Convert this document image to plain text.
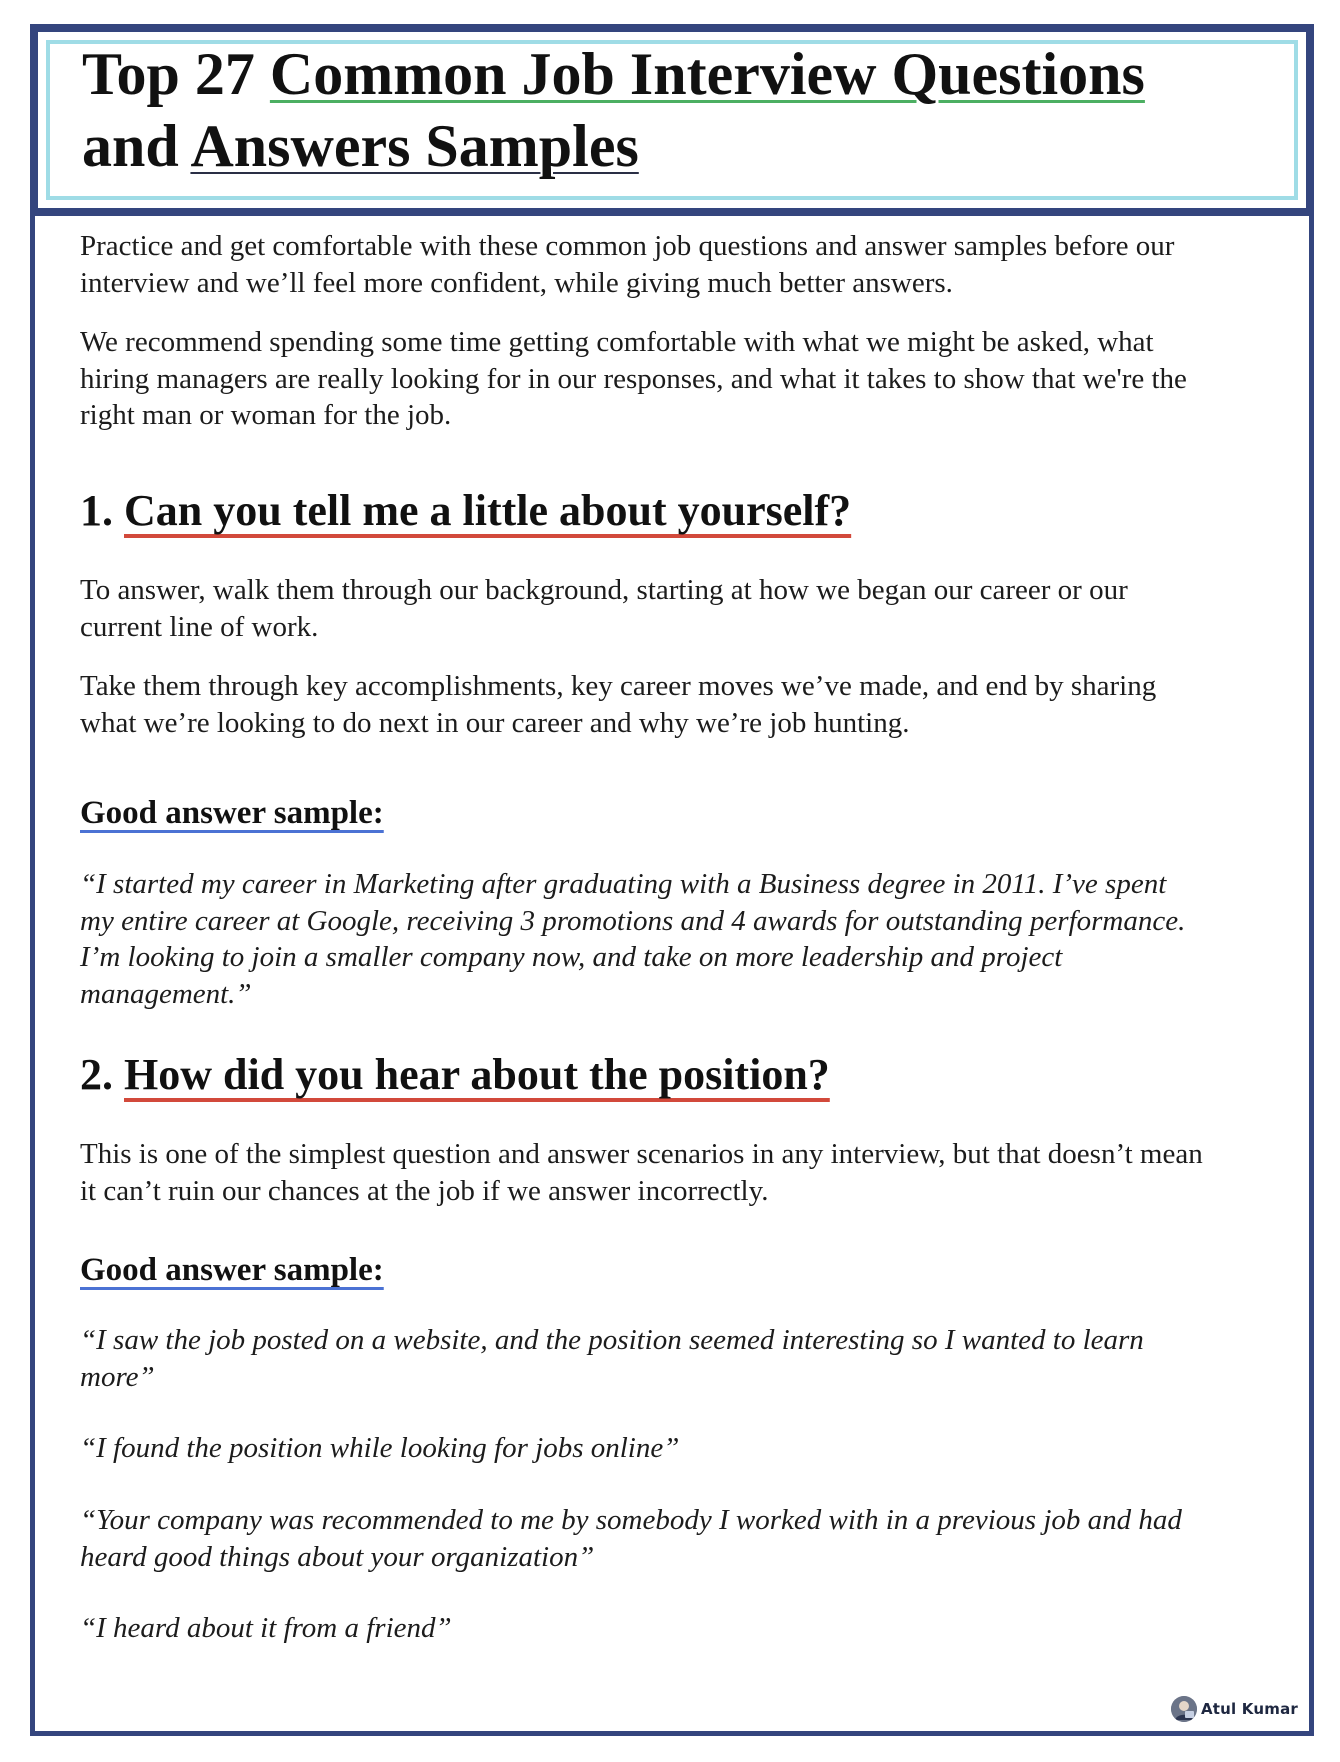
Top 27 Common Job Interview Questions
and Answers Samples

Practice and get comfortable with these common job questions and answer samples before our
interview and we’ll feel more confident, while giving much better answers.

We recommend spending some time getting comfortable with what we might be asked, what
hiring managers are really looking for in our responses, and what it takes to show that we're the
right man or woman for the job.

1. Can you tell me a little about yourself?

To answer, walk them through our background, starting at how we began our career or our
current line of work.

Take them through key accomplishments, key career moves we’ve made, and end by sharing
what we’re looking to do next in our career and why we’re job hunting.

Good answer sample:

“I started my career in Marketing after graduating with a Business degree in 2011. I’ve spent
my entire career at Google, receiving 3 promotions and 4 awards for outstanding performance.
I’m looking to join a smaller company now, and take on more leadership and project
management.”

2. How did you hear about the position?

This is one of the simplest question and answer scenarios in any interview, but that doesn’t mean
it can’t ruin our chances at the job if we answer incorrectly.

Good answer sample:

“I saw the job posted on a website, and the position seemed interesting so I wanted to learn
more”

“I found the position while looking for jobs online”

“Your company was recommended to me by somebody I worked with in a previous job and had
heard good things about your organization”

“I heard about it from a friend”

Atul Kumar
